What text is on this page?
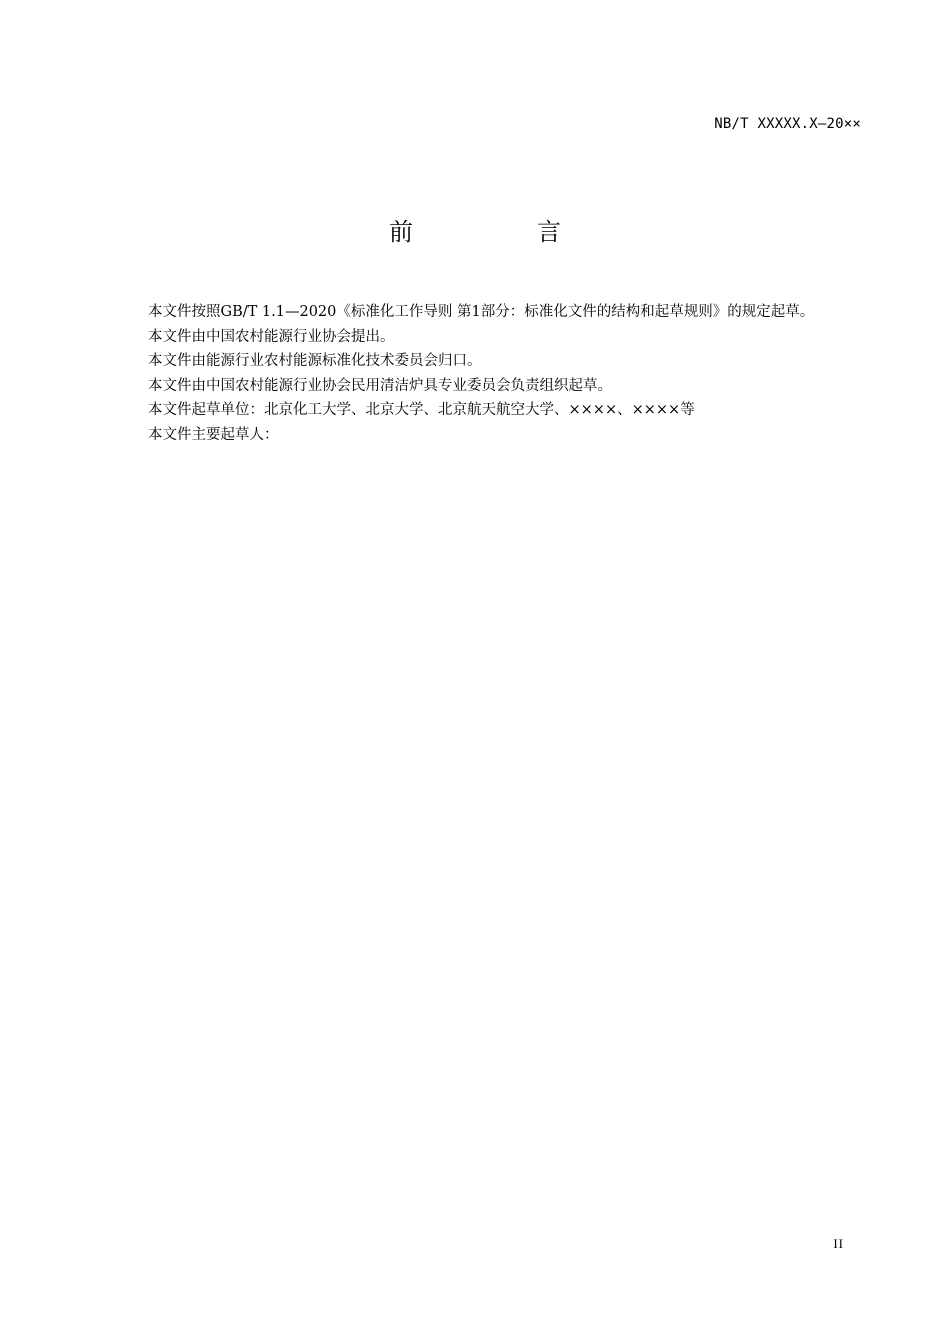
NB/T XXXXX.X—20××
前　言

本文件按照GB/T 1.1—2020《标准化工作导则 第1部分：标准化文件的结构和起草规则》的规定起草。

本文件由中国农村能源行业协会提出。

本文件由能源行业农村能源标准化技术委员会归口。

本文件由中国农村能源行业协会民用清洁炉具专业委员会负责组织起草。

本文件起草单位：北京化工大学、北京大学、北京航天航空大学、××××、××××等

本文件主要起草人：

II
